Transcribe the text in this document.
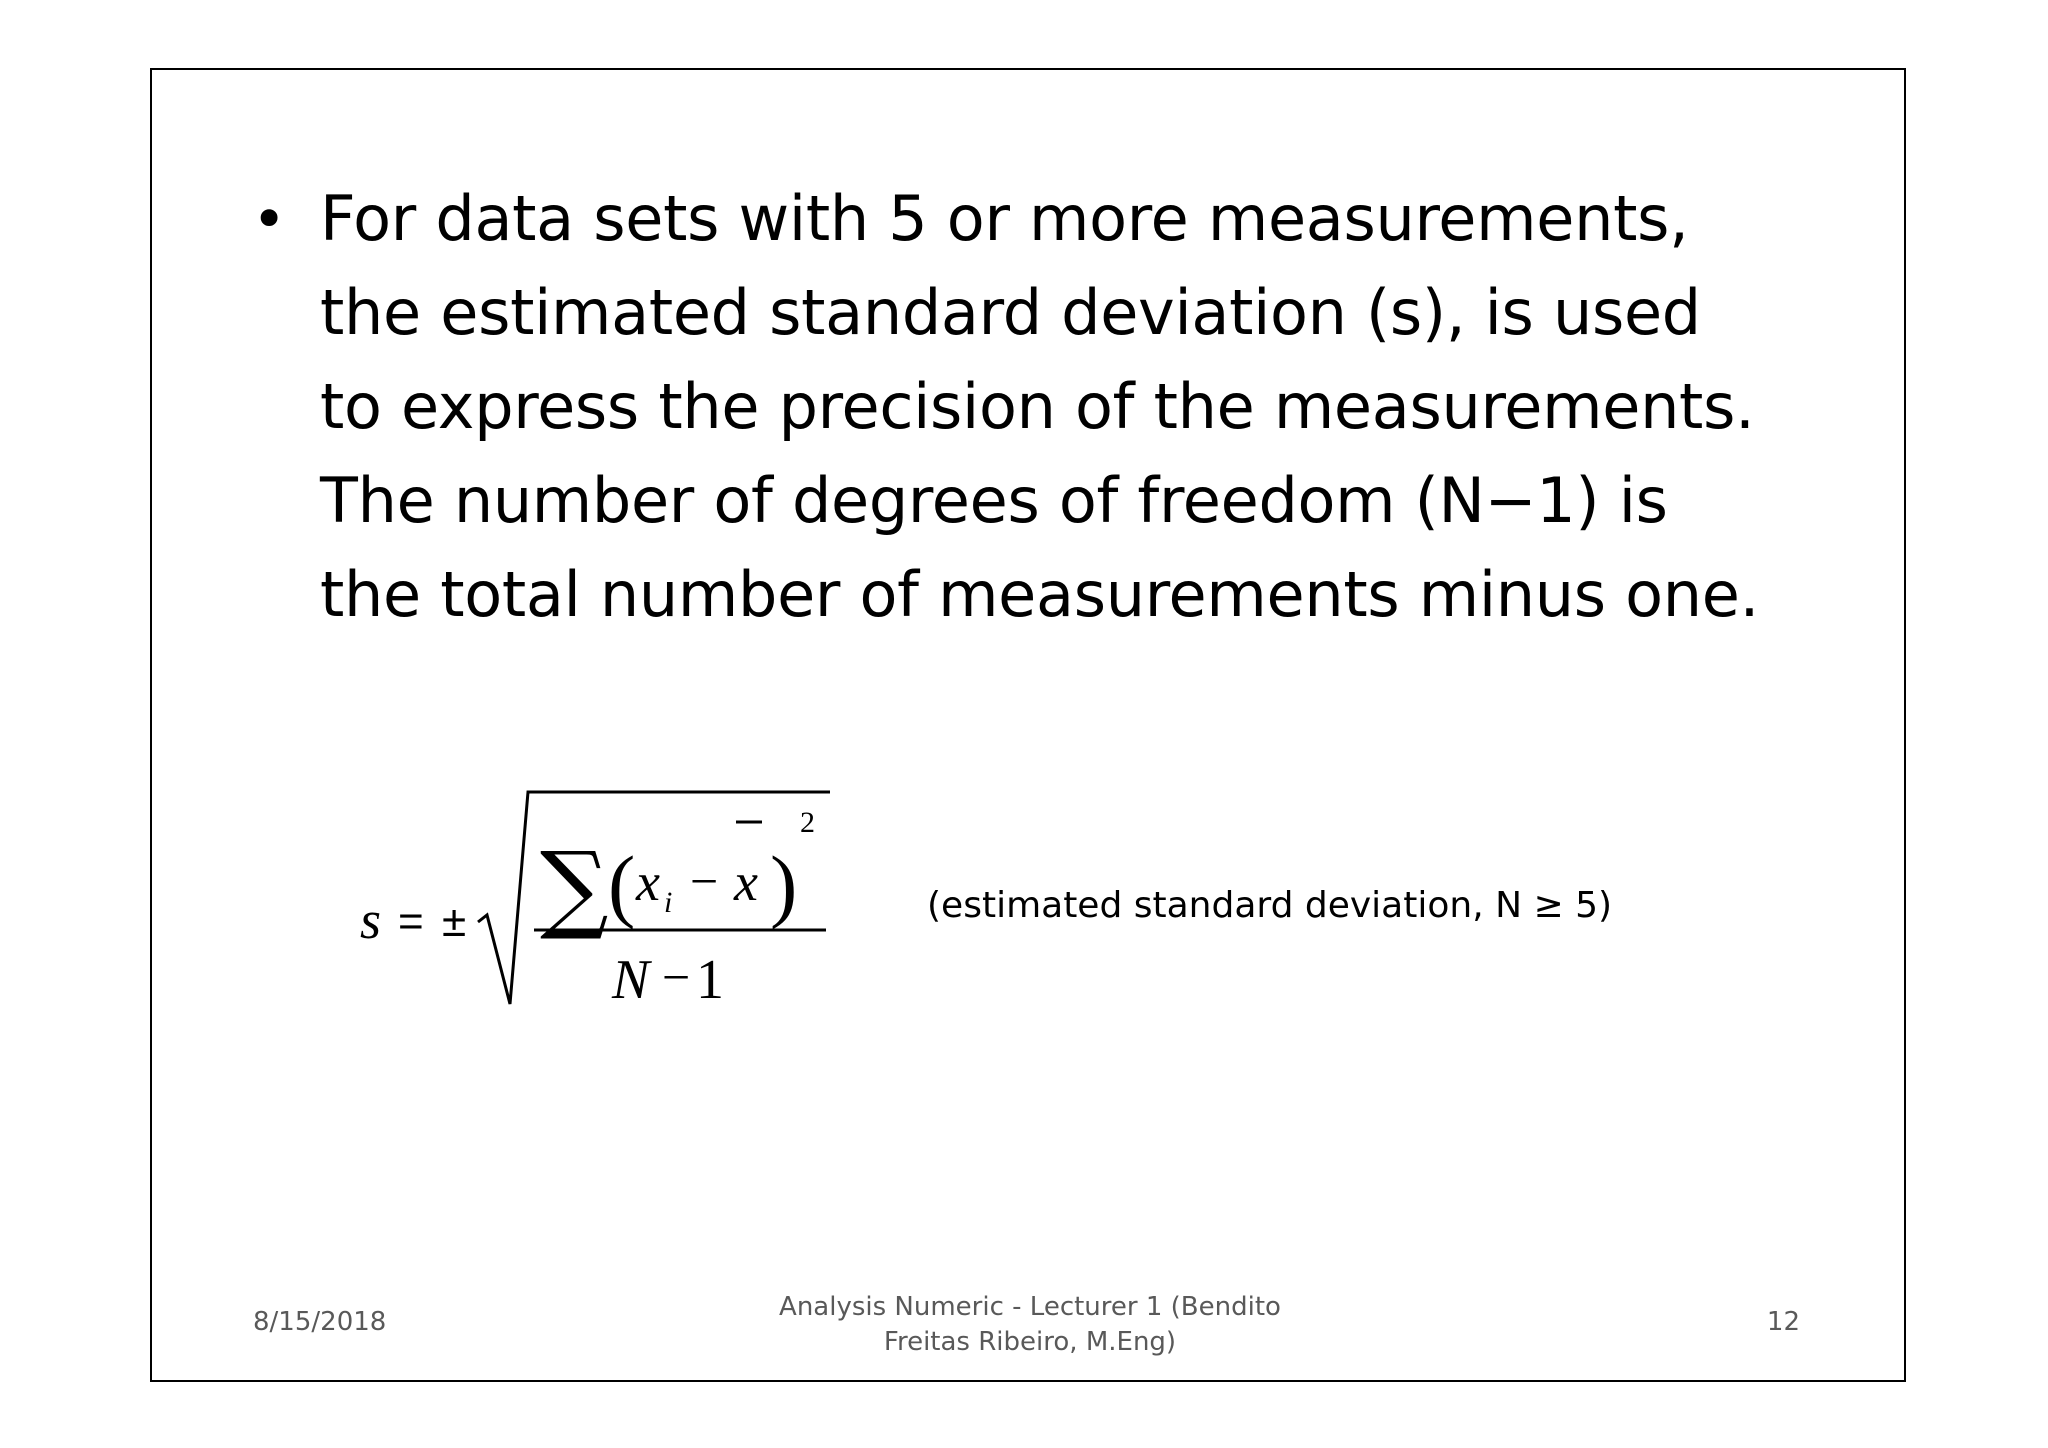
• For data sets with 5 or more measurements,
the estimated standard deviation (s), is used
to express the precision of the measurements.
The number of degrees of freedom (N−1) is
the total number of measurements minus one.
s = ± ∑ ( x i − x )
2
N − 1
(estimated standard deviation, N ≥ 5)
8/15/2018	Analysis Numeric - Lecturer 1 (Bendito
Freitas Ribeiro, M.Eng)
12
